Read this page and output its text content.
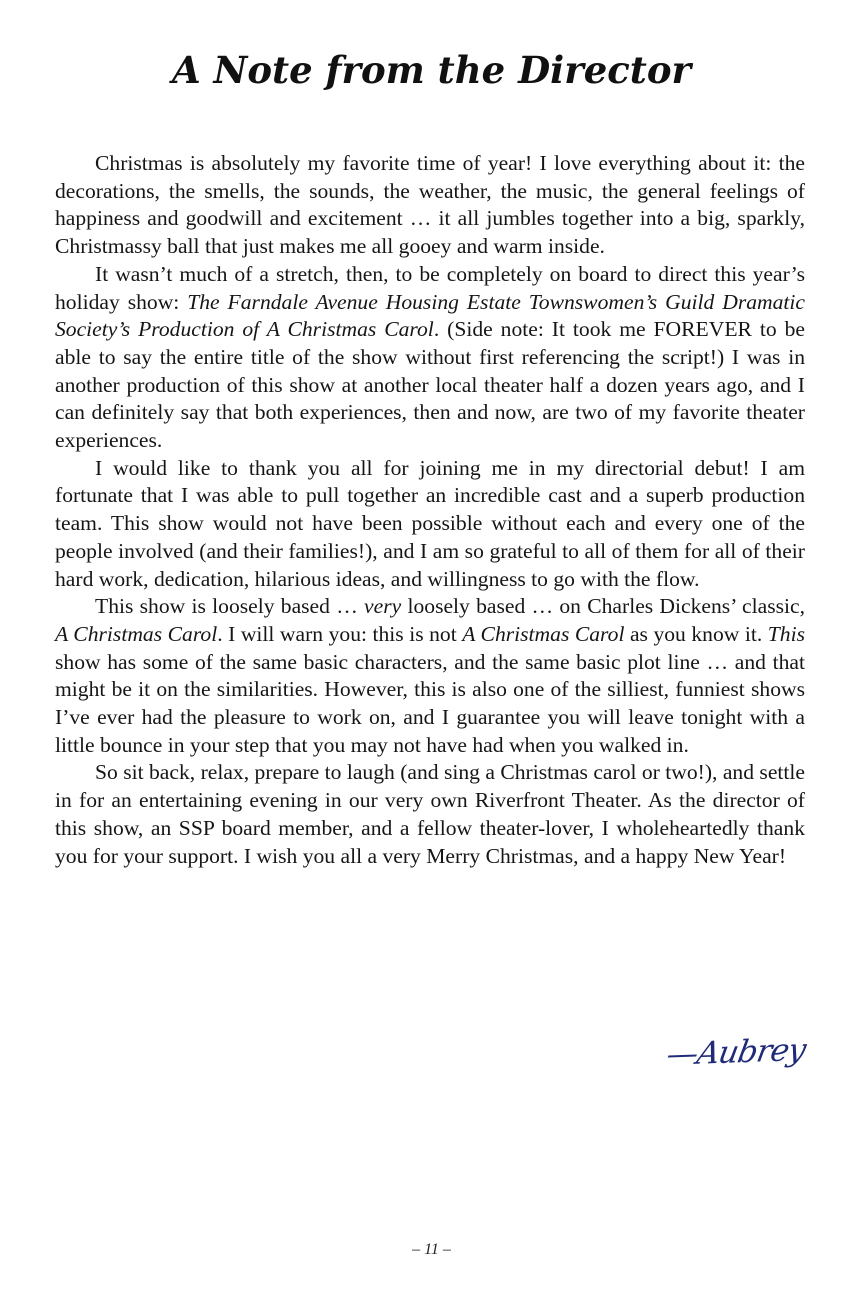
A Note from the Director

Christmas is absolutely my favorite time of year! I love everything about it: the decorations, the smells, the sounds, the weather, the music, the general feelings of happiness and goodwill and excitement … it all jumbles together into a big, sparkly, Christmassy ball that just makes me all gooey and warm inside.

It wasn’t much of a stretch, then, to be completely on board to direct this year’s holiday show: The Farndale Avenue Housing Estate Townswomen’s Guild Dramatic Society’s Production of A Christmas Carol. (Side note: It took me FOREVER to be able to say the entire title of the show without first referencing the script!) I was in another production of this show at another local theater half a dozen years ago, and I can definitely say that both experiences, then and now, are two of my favorite theater experiences.

I would like to thank you all for joining me in my directorial debut! I am fortunate that I was able to pull together an incredible cast and a superb production team. This show would not have been possible without each and every one of the people involved (and their families!), and I am so grateful to all of them for all of their hard work, dedication, hilarious ideas, and willingness to go with the flow.

This show is loosely based … very loosely based … on Charles Dickens’ classic, A Christmas Carol. I will warn you: this is not A Christmas Carol as you know it. This show has some of the same basic characters, and the same basic plot line … and that might be it on the similarities. However, this is also one of the silliest, funniest shows I’ve ever had the pleasure to work on, and I guarantee you will leave tonight with a little bounce in your step that you may not have had when you walked in.

So sit back, relax, prepare to laugh (and sing a Christmas carol or two!), and settle in for an entertaining evening in our very own Riverfront Theater. As the director of this show, an SSP board member, and a fellow theater-lover, I wholeheartedly thank you for your support. I wish you all a very Merry Christmas, and a happy New Year!

—Aubrey
– 11 –
